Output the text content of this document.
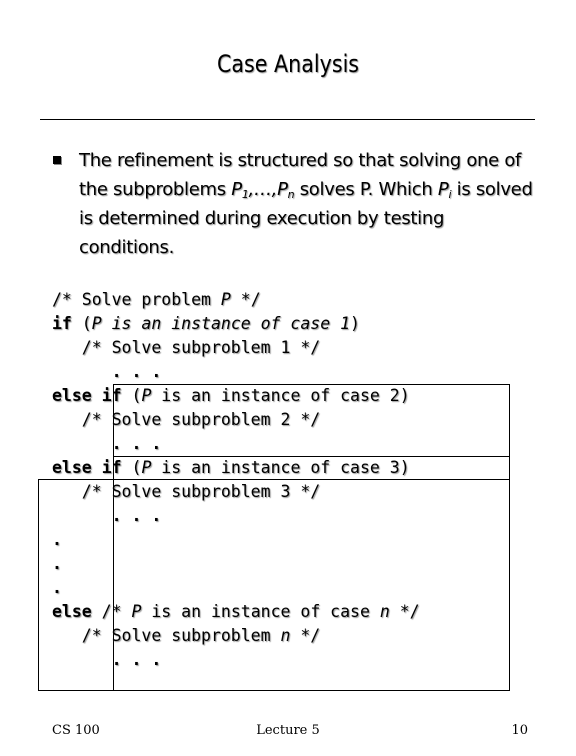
Case Analysis
The refinement is structured so that solving one of the subproblems $P_1,\dots,P_n$ solves P. Which $P_i$ is solved is determined during execution by testing conditions.
/* Solve problem P */
if (P is an instance of case 1)
/* Solve subproblem 1 */
. . .
else if (P is an instance of case 2)
/* Solve subproblem 2 */
. . .
else if (P is an instance of case 3)
/* Solve subproblem 3 */
. . .
.
.
.
else /* P is an instance of case n */
/* Solve subproblem n */
. . .
CS 100	Lecture 5	10
